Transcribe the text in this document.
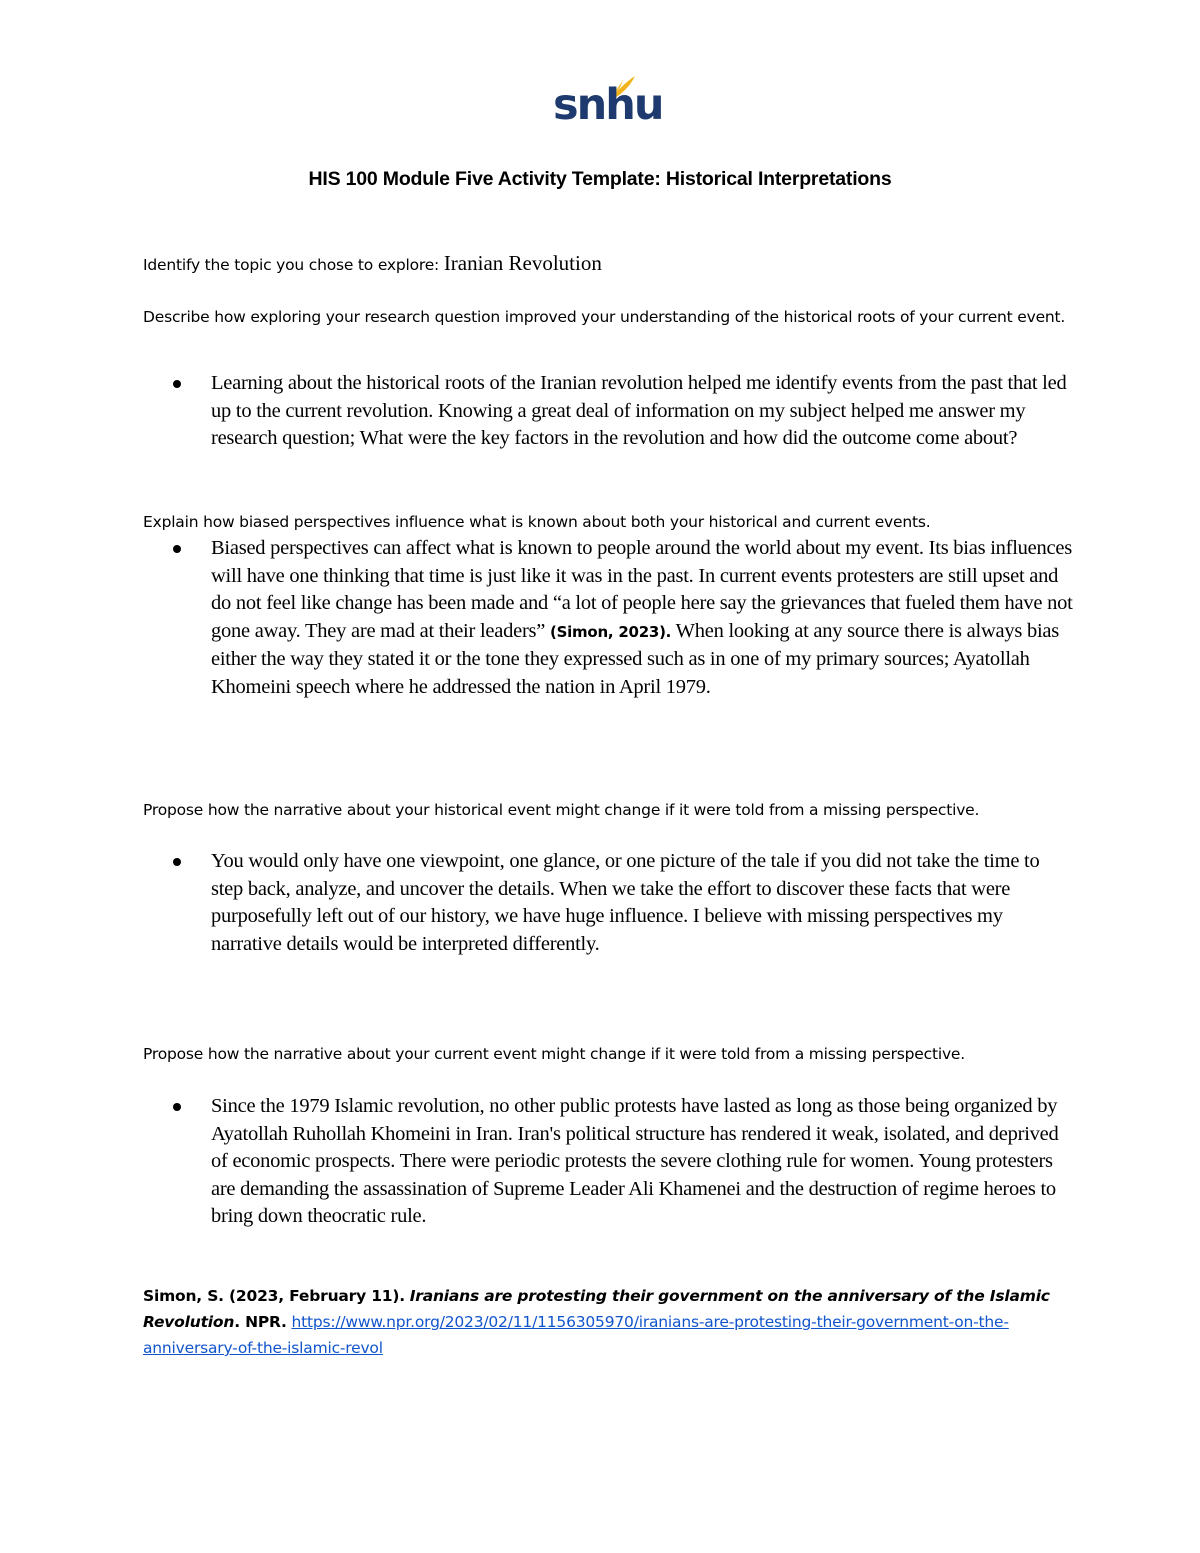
snhu
HIS 100 Module Five Activity Template: Historical Interpretations
Identify the topic you chose to explore: Iranian Revolution
Describe how exploring your research question improved your understanding of the historical roots of your current event.
Learning about the historical roots of the Iranian revolution helped me identify events from the past that led up to the current revolution. Knowing a great deal of information on my subject helped me answer my research question; What were the key factors in the revolution and how did the outcome come about?
Explain how biased perspectives influence what is known about both your historical and current events.
Biased perspectives can affect what is known to people around the world about my event. Its bias influences will have one thinking that time is just like it was in the past. In current events protesters are still upset and do not feel like change has been made and “a lot of people here say the grievances that fueled them have not gone away. They are mad at their leaders” (Simon, 2023). When looking at any source there is always bias either the way they stated it or the tone they expressed such as in one of my primary sources; Ayatollah Khomeini speech where he addressed the nation in April 1979.
Propose how the narrative about your historical event might change if it were told from a missing perspective.
You would only have one viewpoint, one glance, or one picture of the tale if you did not take the time to step back, analyze, and uncover the details. When we take the effort to discover these facts that were purposefully left out of our history, we have huge influence. I believe with missing perspectives my narrative details would be interpreted differently.
Propose how the narrative about your current event might change if it were told from a missing perspective.
Since the 1979 Islamic revolution, no other public protests have lasted as long as those being organized by Ayatollah Ruhollah Khomeini in Iran. Iran's political structure has rendered it weak, isolated, and deprived of economic prospects. There were periodic protests the severe clothing rule for women. Young protesters are demanding the assassination of Supreme Leader Ali Khamenei and the destruction of regime heroes to bring down theocratic rule.
Simon, S. (2023, February 11). Iranians are protesting their government on the anniversary of the Islamic Revolution. NPR. https://www.npr.org/2023/02/11/1156305970/iranians-are-protesting-their-government-on-the-anniversary-of-the-islamic-revol
